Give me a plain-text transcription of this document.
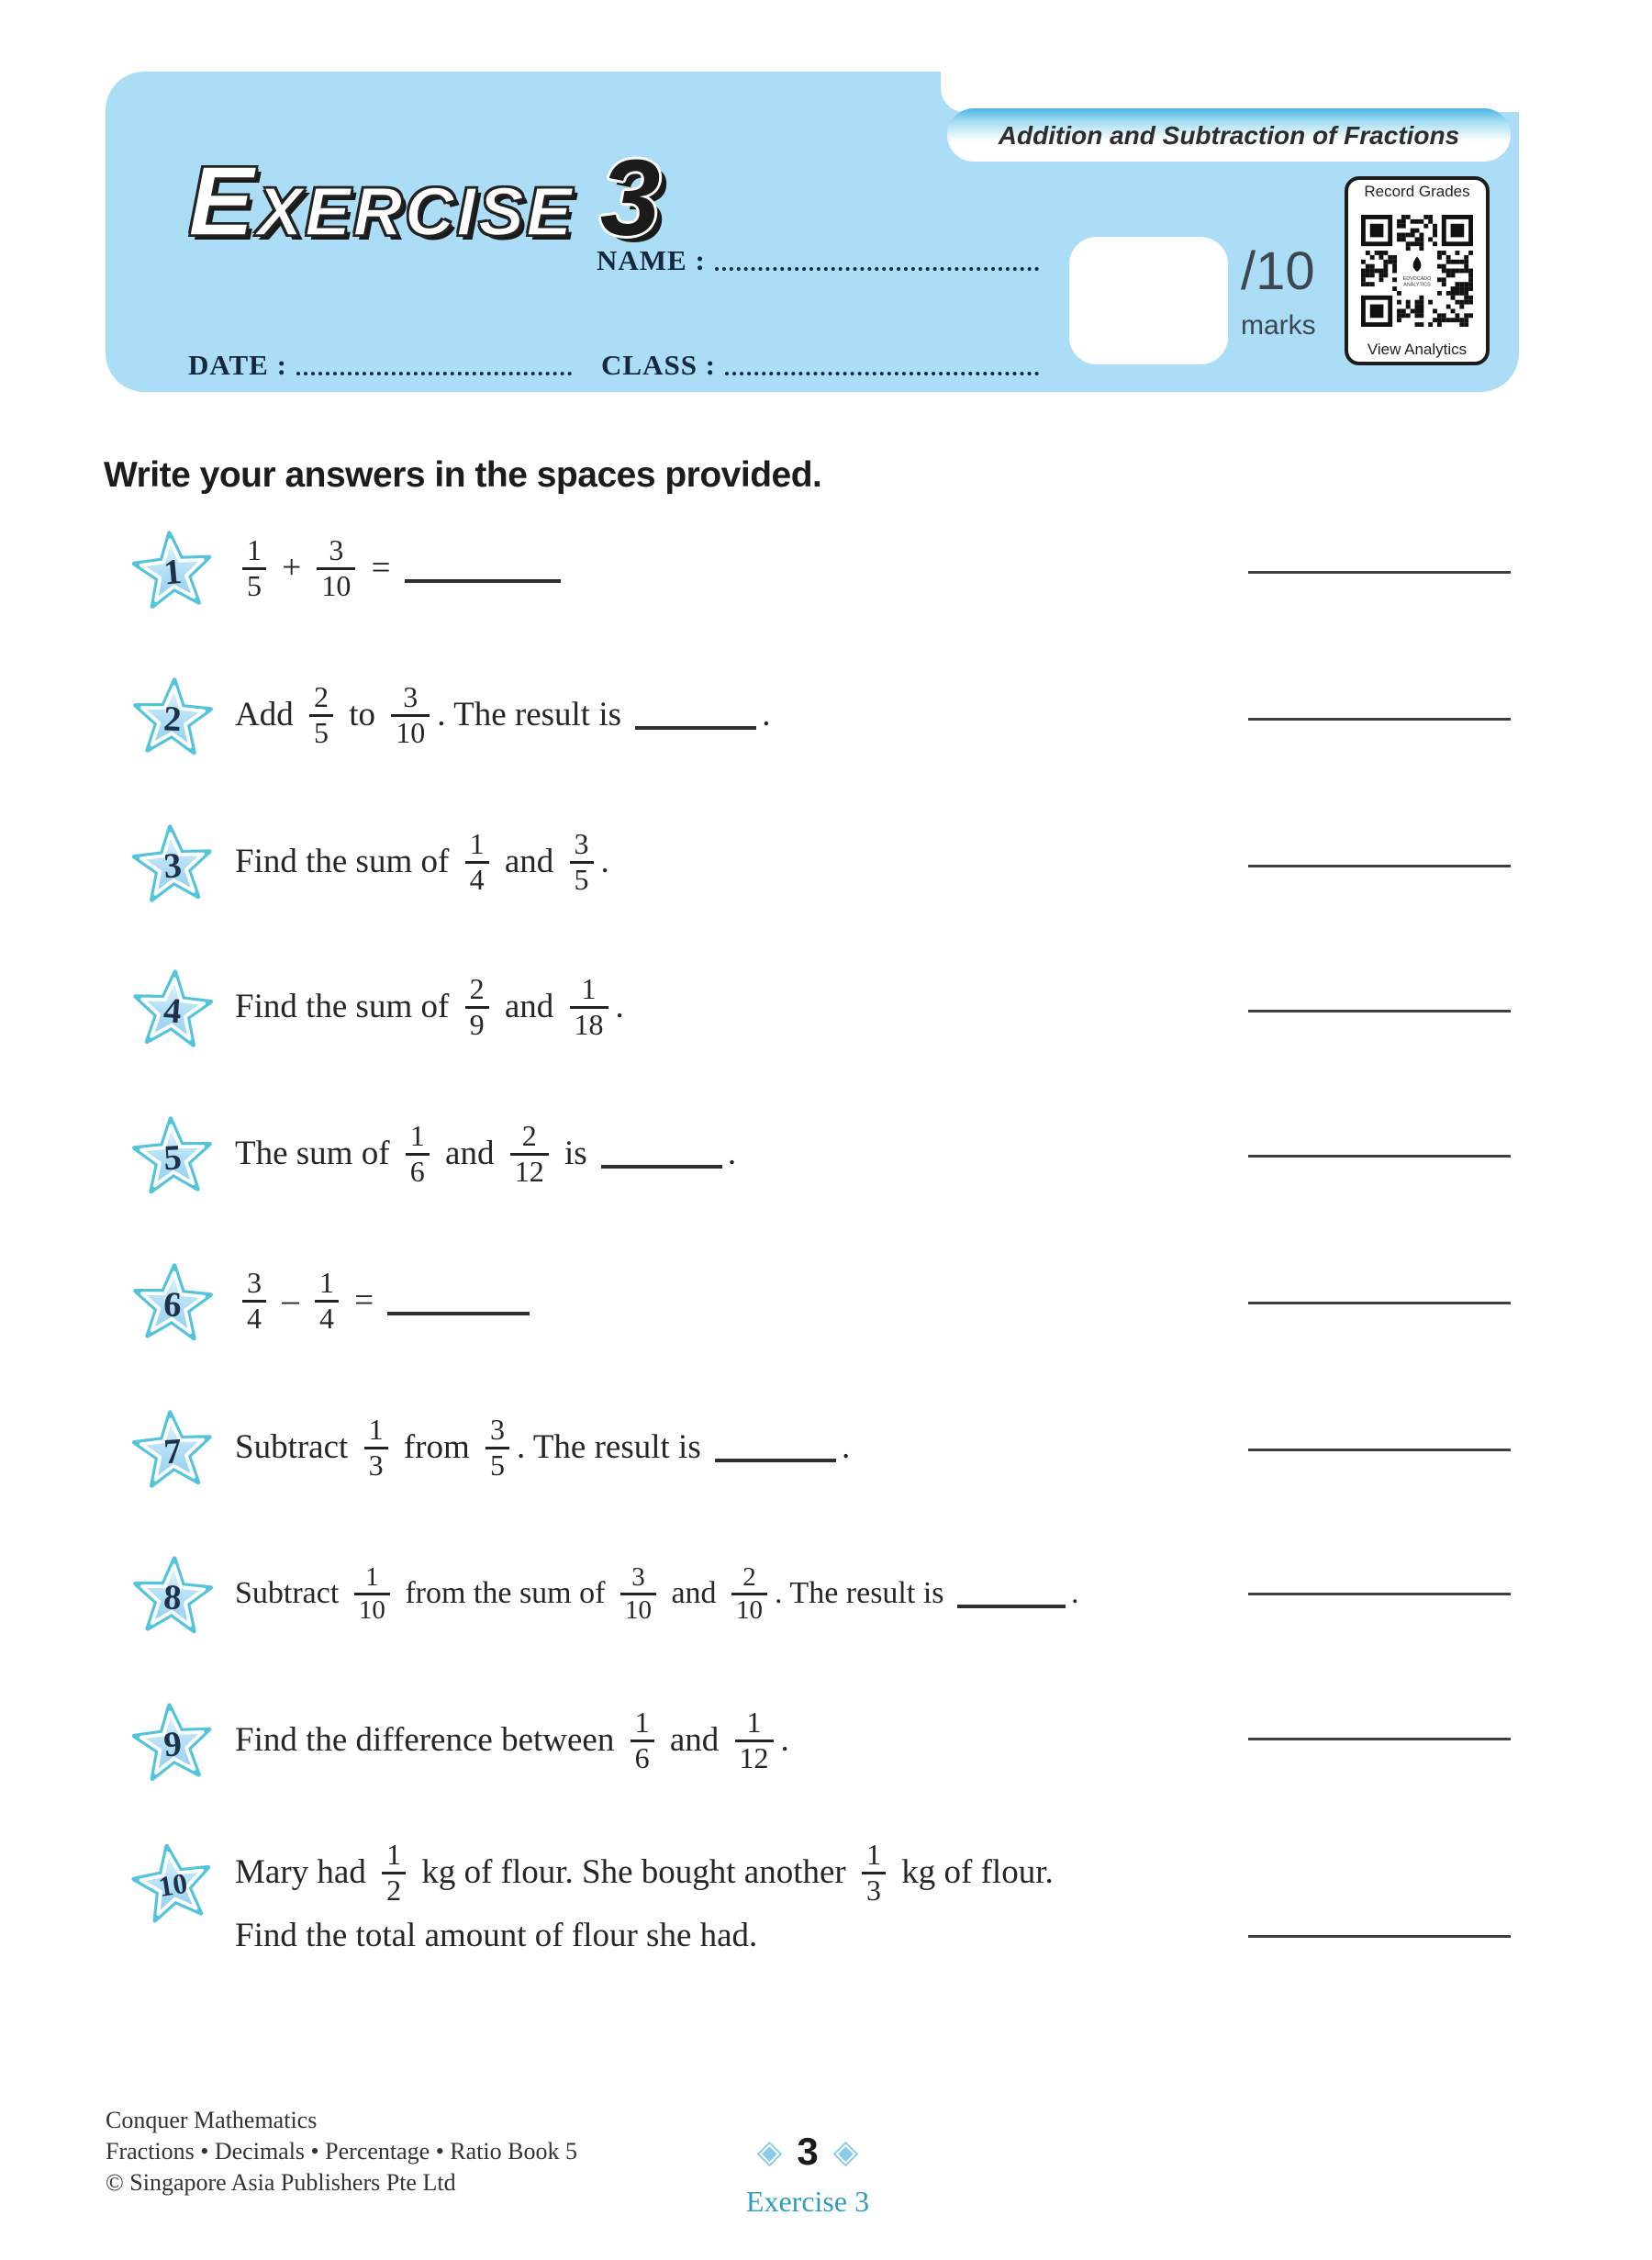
Addition and Subtraction of Fractions
EXERCISE 3
NAME :
DATE :	CLASS :
/10
marks
Record Grades
EDVOCADO
ANALYTICS
View Analytics
Write your answers in the spaces provided.
$1 \frac{1}{5} + \frac{3}{10}$ =
2 Add $\frac{2}{5}$ to $\frac{3}{10}$ . The result is	.
3 Find the sum of $\frac{1}{4}$ and $\frac{3}{5}$ .
4 Find the sum of $\frac{2}{9}$ and $\frac{1}{18}$ .
5 The sum of $\frac{1}{6}$ and $\frac{2}{12}$ is	.
$6 \frac{3}{4} - \frac{1}{4}$ =
7 Subtract $\frac{1}{3}$ from $\frac{3}{5}$ . The result is	.
8 Subtract $\frac{1}{10}$ from the sum of $\frac{3}{10}$ and $\frac{2}{10}$ . The result is	.
9 Find the difference between $\frac{1}{6}$ and $\frac{1}{12}$ .
10 Mary had $\frac{1}{2}$ kg of flour. She bought another $\frac{1}{3}$ kg of flour.
Find the total amount of flour she had.
Conquer Mathematics
Fractions • Decimals • Percentage • Ratio Book 5
© Singapore Asia Publishers Pte Ltd
◈ 3 ◈
Exercise 3
